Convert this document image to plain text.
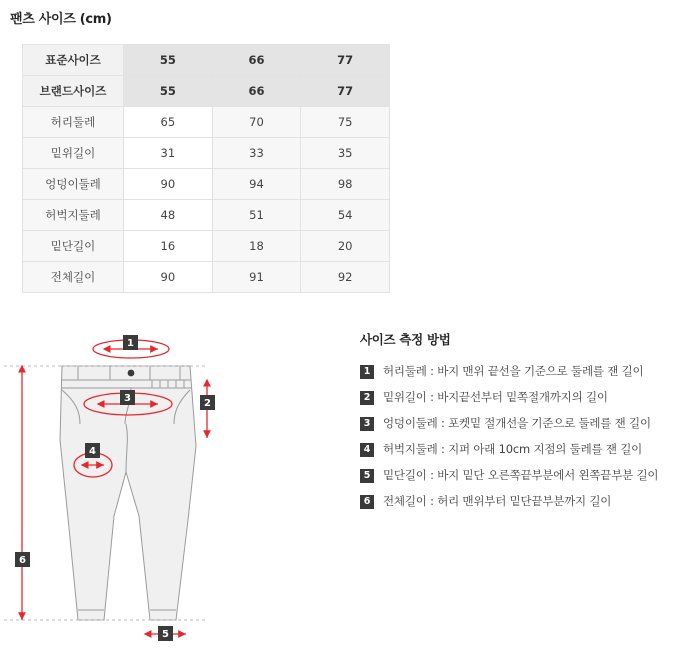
팬츠 사이즈 (cm)
표준사이즈	55	66	77
브랜드사이즈	55	66	77
허리둘레	65	70	75
밑위길이	31	33	35
엉덩이둘레	90	94	98
허벅지둘레	48	51	54
밑단길이	16	18	20
전체길이	90	91	92
1
2
3
4
5
6
사이즈 측정 방법
1	허리둘레 : 바지 맨위 끝선을 기준으로 둘레를 잰 길이
2	밑위길이 : 바지끝선부터 밑쪽절개까지의 길이
3	엉덩이둘레 : 포켓밑 절개선을 기준으로 둘레를 잰 길이
4	허벅지둘레 : 지퍼 아래 10cm 지점의 둘레를 잰 길이
5	밑단길이 : 바지 밑단 오른쪽끝부분에서 왼쪽끝부분 길이
6	전체길이 : 허리 맨위부터 밑단끝부분까지 길이
